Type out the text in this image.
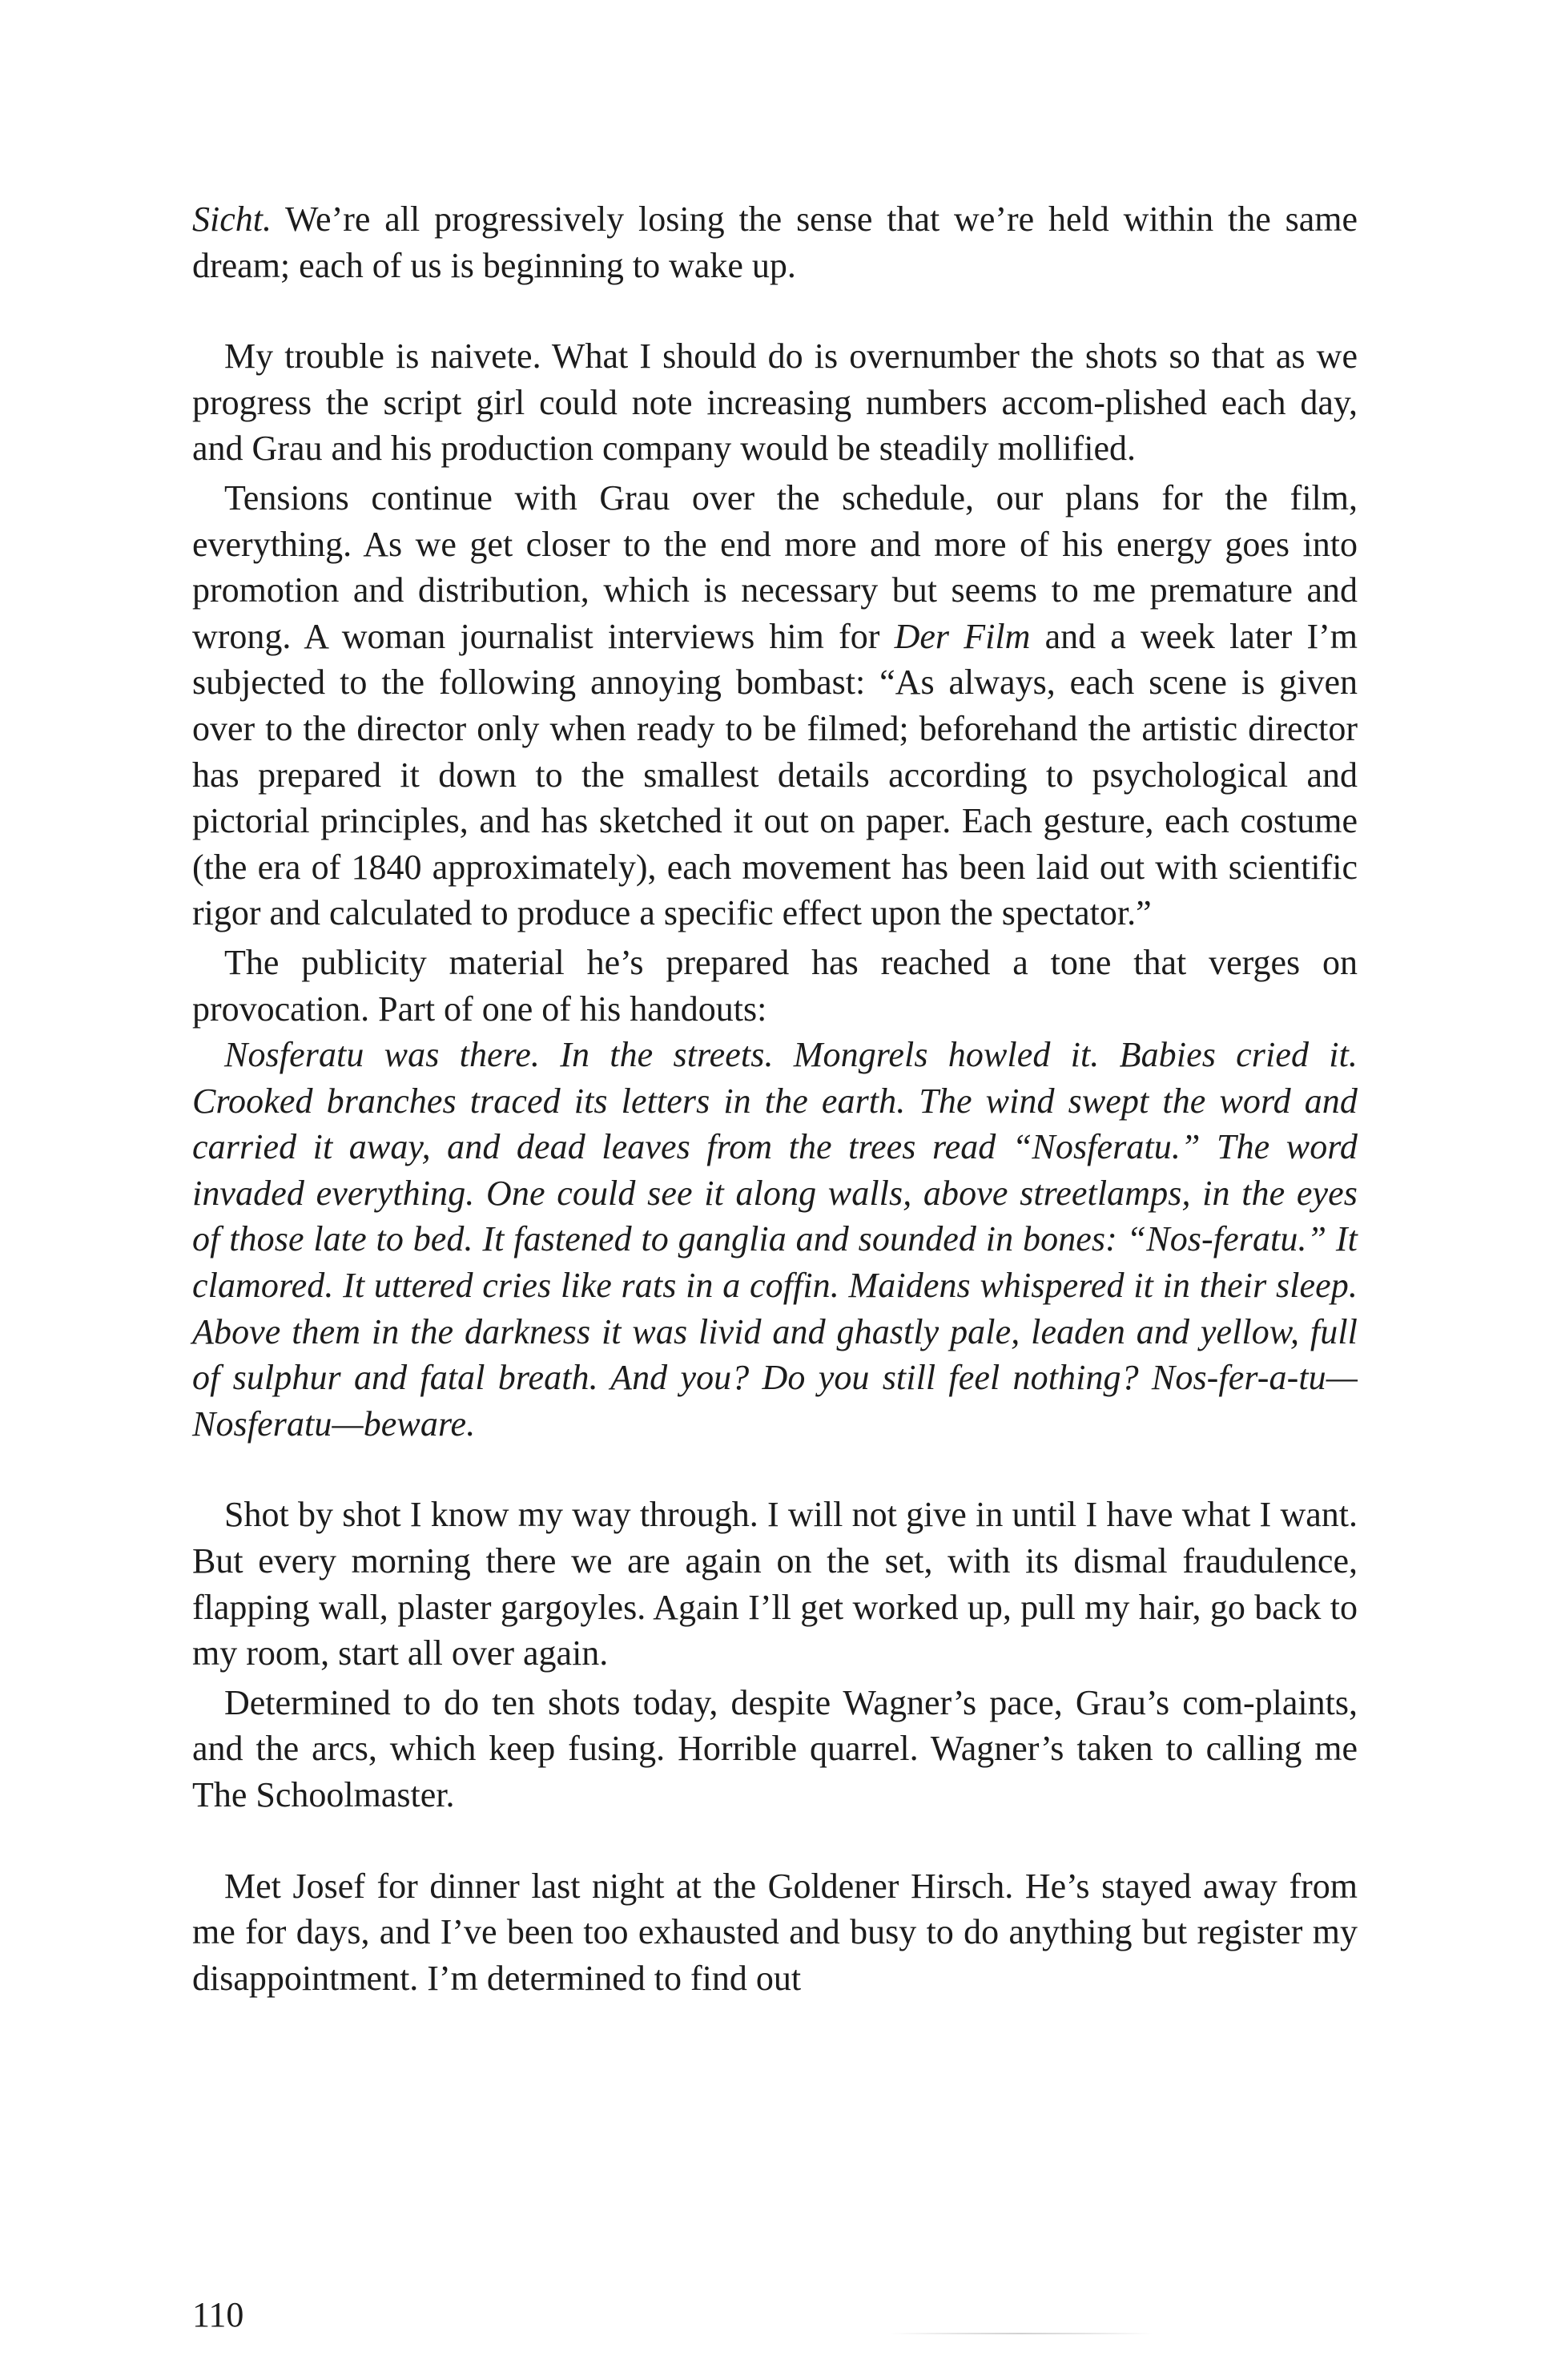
Sicht. We’re all progressively losing the sense that we’re held within the same dream; each of us is beginning to wake up.

My trouble is naivete. What I should do is overnumber the shots so that as we progress the script girl could note increasing numbers accom-plished each day, and Grau and his production company would be steadily mollified.

Tensions continue with Grau over the schedule, our plans for the film, everything. As we get closer to the end more and more of his energy goes into promotion and distribution, which is necessary but seems to me premature and wrong. A woman journalist interviews him for Der Film and a week later I’m subjected to the following annoying bombast: “As always, each scene is given over to the director only when ready to be filmed; beforehand the artistic director has prepared it down to the smallest details according to psychological and pictorial principles, and has sketched it out on paper. Each gesture, each costume (the era of 1840 approximately), each movement has been laid out with scientific rigor and calculated to produce a specific effect upon the spectator.”

The publicity material he’s prepared has reached a tone that verges on provocation. Part of one of his handouts:

Nosferatu was there. In the streets. Mongrels howled it. Babies cried it. Crooked branches traced its letters in the earth. The wind swept the word and carried it away, and dead leaves from the trees read “Nosferatu.” The word invaded everything. One could see it along walls, above streetlamps, in the eyes of those late to bed. It fastened to ganglia and sounded in bones: “Nos-feratu.” It clamored. It uttered cries like rats in a coffin. Maidens whispered it in their sleep. Above them in the darkness it was livid and ghastly pale, leaden and yellow, full of sulphur and fatal breath. And you? Do you still feel nothing? Nos-fer-a-tu—Nosferatu—beware.

Shot by shot I know my way through. I will not give in until I have what I want. But every morning there we are again on the set, with its dismal fraudulence, flapping wall, plaster gargoyles. Again I’ll get worked up, pull my hair, go back to my room, start all over again.

Determined to do ten shots today, despite Wagner’s pace, Grau’s com-plaints, and the arcs, which keep fusing. Horrible quarrel. Wagner’s taken to calling me The Schoolmaster.

Met Josef for dinner last night at the Goldener Hirsch. He’s stayed away from me for days, and I’ve been too exhausted and busy to do anything but register my disappointment. I’m determined to find out

110
